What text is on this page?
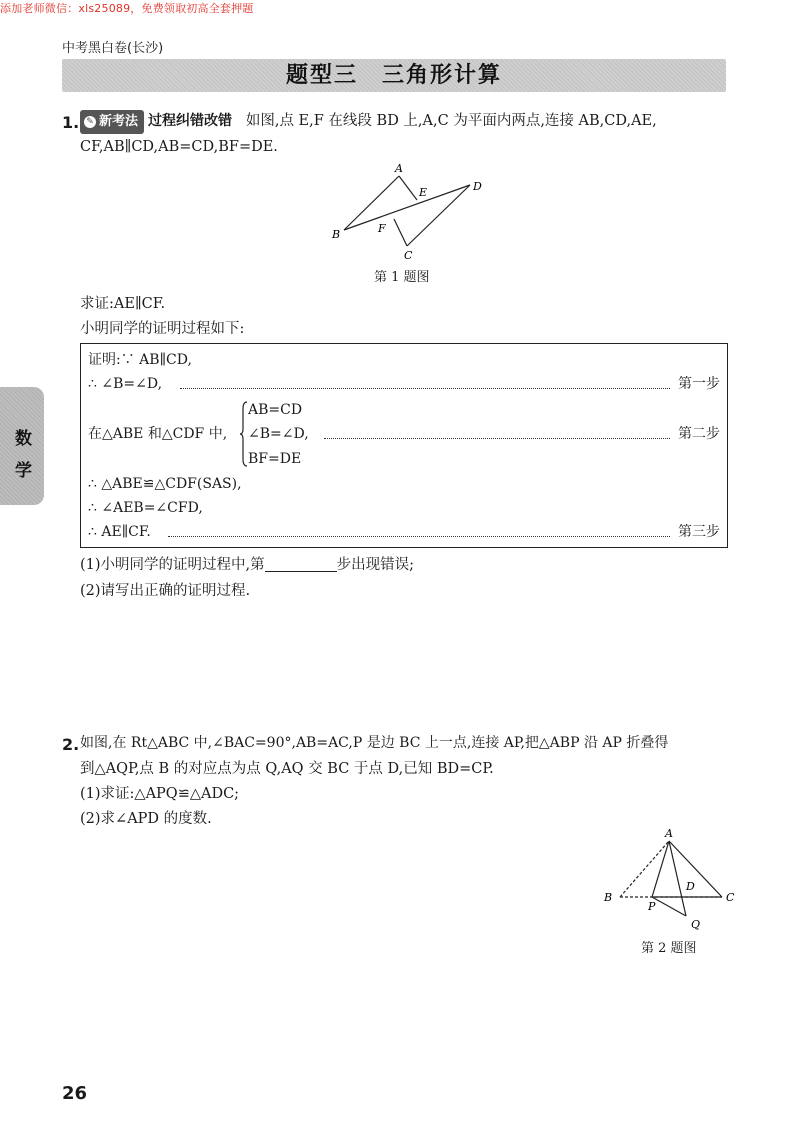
添加老师微信：xls25089，免费领取初高全套押题
中考黑白卷(长沙)
题型三　三角形计算
数
学
1. ✎ 新考法 过程纠错改错 如图,点 E,F 在线段 BD 上,A,C 为平面内两点,连接 AB,CD,AE,
CF,AB∥CD,AB=CD,BF=DE.
A
B
C
D
E
F
第 1 题图
求证:AE∥CF.
小明同学的证明过程如下:
证明:∵ AB∥CD,
∴ ∠B=∠D,	第一步
在△ABE 和△CDF 中,
AB=CD
∠B=∠D,	第二步
BF=DE
∴ △ABE≌△CDF(SAS),
∴ ∠AEB=∠CFD,
∴ AE∥CF.	第三步
(1)小明同学的证明过程中,第	步出现错误;
(2)请写出正确的证明过程.
2. 如图,在 Rt△ABC 中,∠BAC=90°,AB=AC,P 是边 BC 上一点,连接 AP,把△ABP 沿 AP 折叠得
到△AQP,点 B 的对应点为点 Q,AQ 交 BC 于点 D,已知 BD=CP.
(1)求证:△APQ≌△ADC;
(2)求∠APD 的度数.
A
B	C
D
P
Q
第 2 题图
26
